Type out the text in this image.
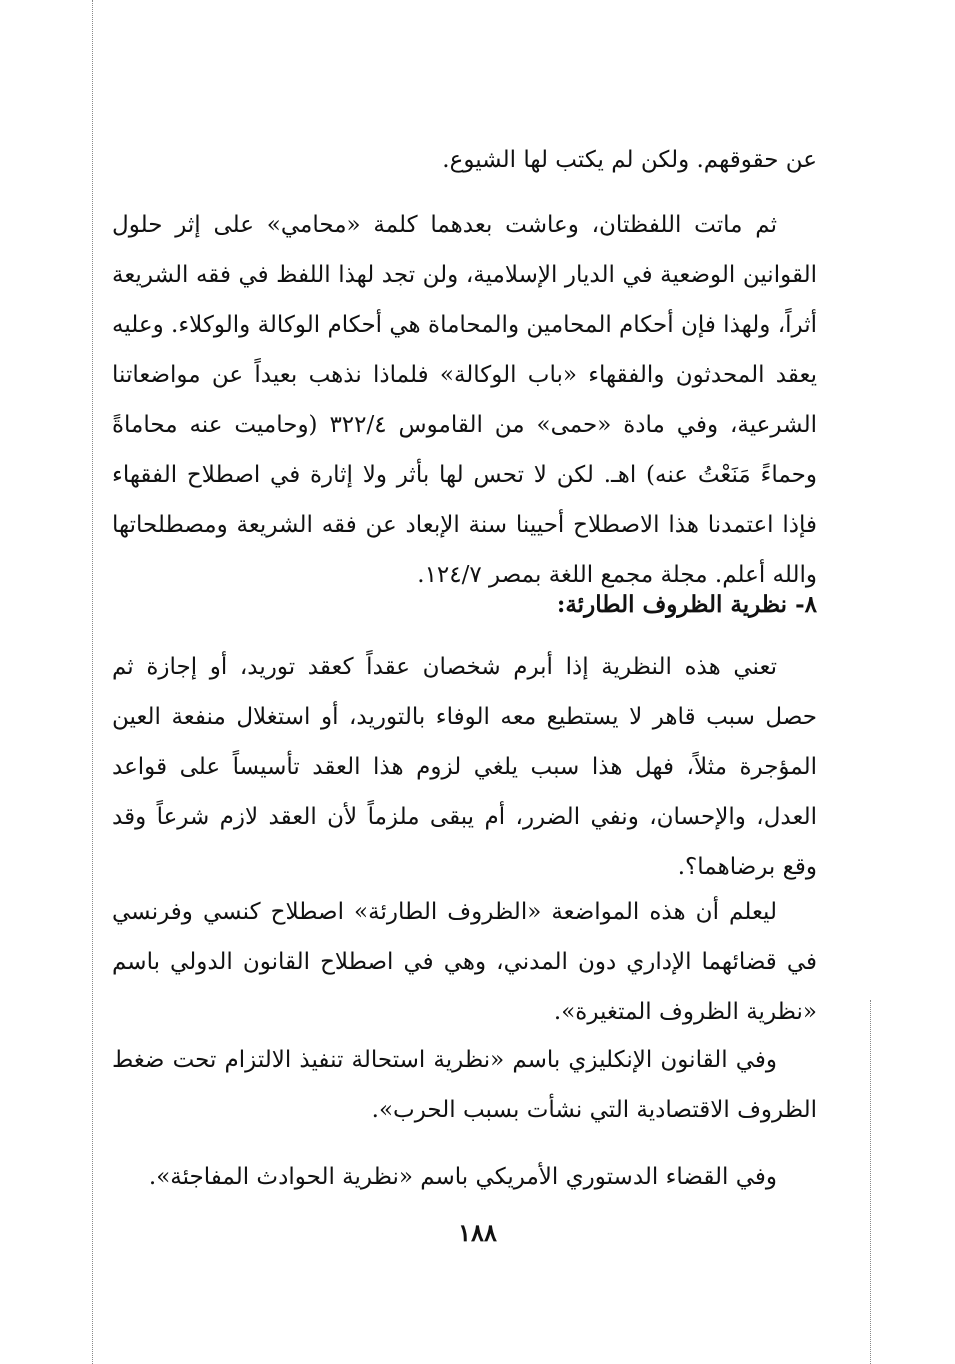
عن حقوقهم. ولكن لم يكتب لها الشيوع.

ثم ماتت اللفظتان، وعاشت بعدهما كلمة «محامي» على إثر حلول القوانين الوضعية في الديار الإسلامية، ولن تجد لهذا اللفظ في فقه الشريعة أثراً، ولهذا فإن أحكام المحامين والمحاماة هي أحكام الوكالة والوكلاء. وعليه يعقد المحدثون والفقهاء «باب الوكالة» فلماذا نذهب بعيداً عن مواضعاتنا الشرعية، وفي مادة «حمى» من القاموس ٣٢٢/٤ (وحاميت عنه محاماةً وحماءً مَنَعْتُ عنه) اهـ. لكن لا تحس لها بأثر ولا إثارة في اصطلاح الفقهاء فإذا اعتمدنا هذا الاصطلاح أحيينا سنة الإبعاد عن فقه الشريعة ومصطلحاتها والله أعلم. مجلة مجمع اللغة بمصر ١٢٤/٧.

٨- نظرية الظروف الطارئة:

تعني هذه النظرية إذا أبرم شخصان عقداً كعقد توريد، أو إجازة ثم حصل سبب قاهر لا يستطيع معه الوفاء بالتوريد، أو استغلال منفعة العين المؤجرة مثلاً، فهل هذا سبب يلغي لزوم هذا العقد تأسيساً على قواعد العدل، والإحسان، ونفي الضرر، أم يبقى ملزماً لأن العقد لازم شرعاً وقد وقع برضاهما؟.

ليعلم أن هذه المواضعة «الظروف الطارئة» اصطلاح كنسي وفرنسي في قضائهما الإداري دون المدني، وهي في اصطلاح القانون الدولي باسم «نظرية الظروف المتغيرة».

وفي القانون الإنكليزي باسم «نظرية استحالة تنفيذ الالتزام تحت ضغط الظروف الاقتصادية التي نشأت بسبب الحرب».

وفي القضاء الدستوري الأمريكي باسم «نظرية الحوادث المفاجئة».

١٨٨
